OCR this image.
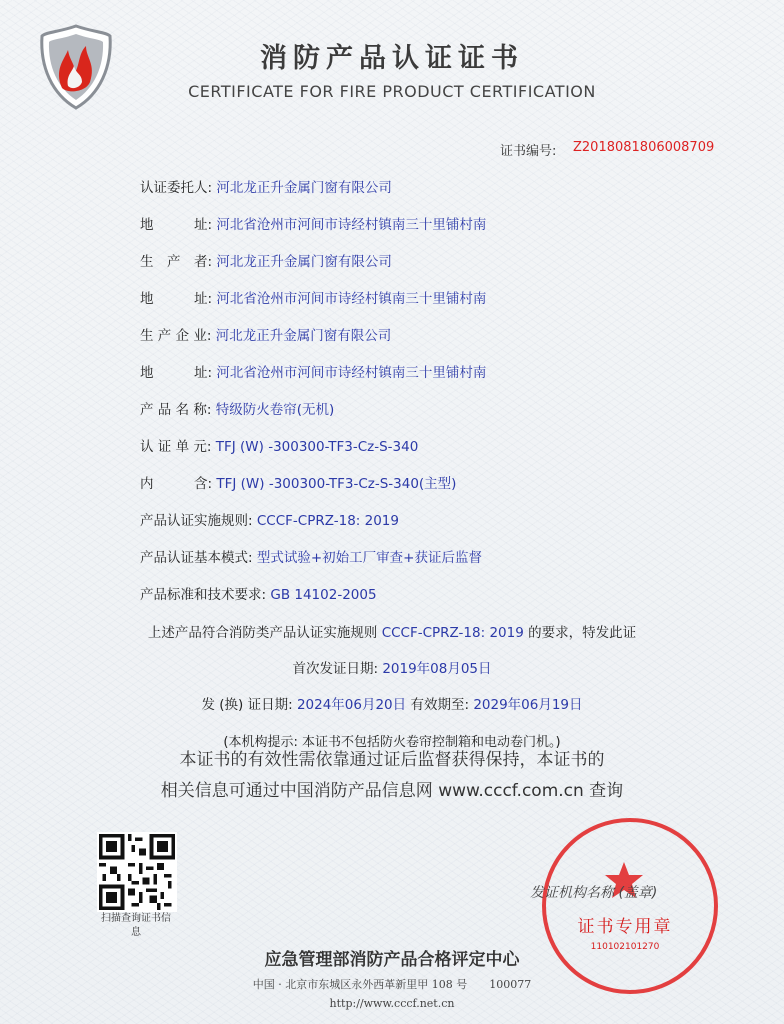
消防产品认证证书
CERTIFICATE FOR FIRE PRODUCT CERTIFICATION
证书编号: Z2018081806008709
认证委托人: 河北龙正升金属门窗有限公司
地　　　址: 河北省沧州市河间市诗经村镇南三十里铺村南
生　产　者: 河北龙正升金属门窗有限公司
地　　　址: 河北省沧州市河间市诗经村镇南三十里铺村南
生 产 企 业: 河北龙正升金属门窗有限公司
地　　　址: 河北省沧州市河间市诗经村镇南三十里铺村南
产 品 名 称: 特级防火卷帘(无机)
认 证 单 元: TFJ (W) -300300-TF3-Cz-S-340
内　　　含: TFJ (W) -300300-TF3-Cz-S-340(主型)
产品认证实施规则: CCCF-CPRZ-18: 2019
产品认证基本模式: 型式试验+初始工厂审查+获证后监督
产品标准和技术要求: GB 14102-2005
上述产品符合消防类产品认证实施规则 CCCF-CPRZ-18: 2019 的要求，特发此证
首次发证日期: 2019年08月05日
发 (换) 证日期: 2024年06月20日 有效期至: 2029年06月19日
(本机构提示: 本证书不包括防火卷帘控制箱和电动卷门机。)
本证书的有效性需依靠通过证后监督获得保持，本证书的
相关信息可通过中国消防产品信息网 www.cccf.com.cn 查询
扫描查询证书信息
发证机构名称 (盖章)
证书专用章
110102101270
应急管理部消防产品合格评定中心
中国 · 北京市东城区永外西革新里甲 108 号　　100077
http://www.cccf.net.cn
